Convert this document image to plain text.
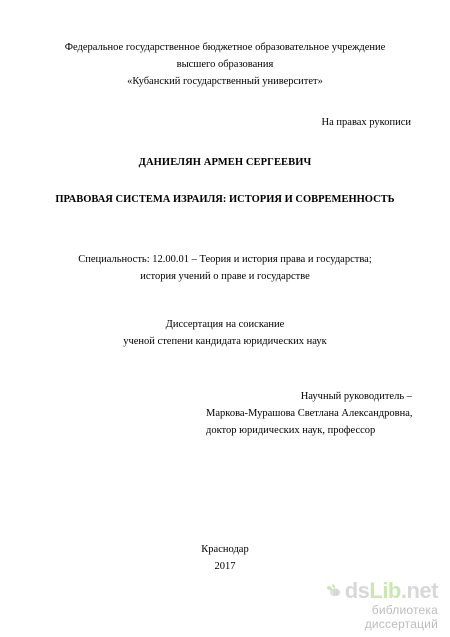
Федеральное государственное бюджетное образовательное учреждение
высшего образования
«Кубанский государственный университет»
На правах рукописи
ДАНИЕЛЯН АРМЕН СЕРГЕЕВИЧ
ПРАВОВАЯ СИСТЕМА ИЗРАИЛЯ: ИСТОРИЯ И СОВРЕМЕННОСТЬ
Специальность: 12.00.01 – Теория и история права и государства;
история учений о праве и государстве
Диссертация на соискание
ученой степени кандидата юридических наук
Научный руководитель –
Маркова-Мурашова Светлана Александровна,
доктор юридических наук, профессор
Краснодар
2017
dsLib.net
библиотека диссертаций
